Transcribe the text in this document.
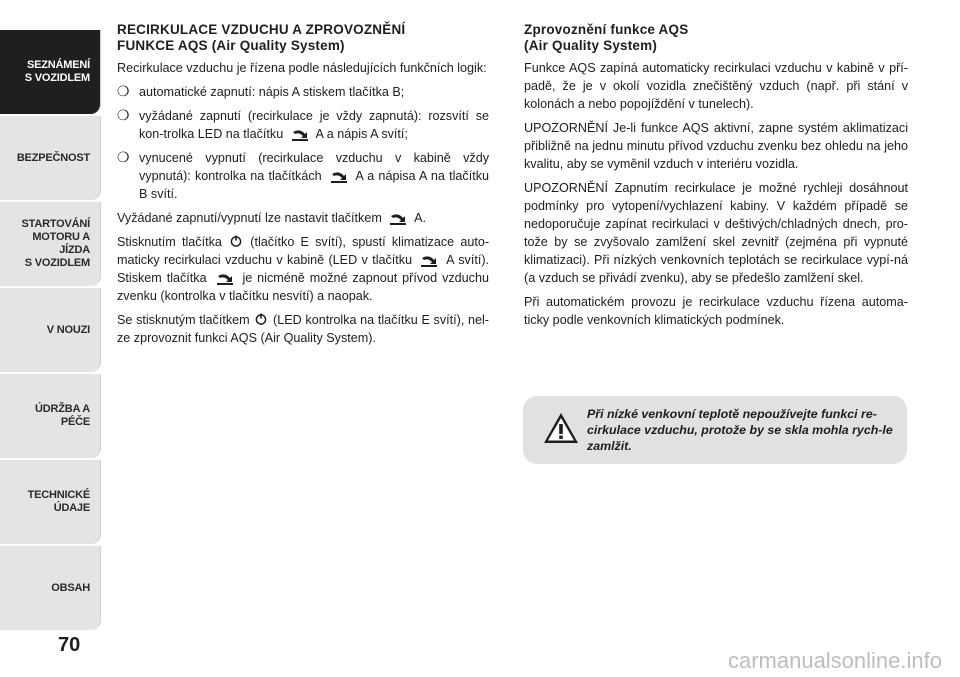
SEZNÁMENÍ
S VOZIDLEM
BEZPEČNOST
STARTOVÁNÍ
MOTORU A JÍZDA
S VOZIDLEM
V NOUZI
ÚDRŽBA A PÉČE
TECHNICKÉ
ÚDAJE
OBSAH
70
RECIRKULACE VZDUCHU A ZPROVOZNĚNÍ
FUNKCE AQS (Air Quality System)

Recirkulace vzduchu je řízena podle následujících funkčních logik:

❍ automatické zapnutí: nápis A stiskem tlačítka B;
❍ vyžádané zapnutí (recirkulace je vždy zapnutá): rozsvítí se kon-trolka LED na tlačítku	A a nápis A svítí;
❍ vynucené vypnutí (recirkulace vzduchu v kabině vždy vypnutá): kontrolka na tlačítkách	A a nápisa A na tlačítku B svítí.

Vyžádané zapnutí/vypnutí lze nastavit tlačítkem	A.

Stisknutím tlačítka (tlačítko E svítí), spustí klimatizace auto-maticky recirkulaci vzduchu v kabině (LED v tlačítku	A svítí). Stiskem tlačítka	je nicméně možné zapnout přívod vzduchu zvenku (kontrolka v tlačítku nesvítí) a naopak.

Se stisknutým tlačítkem (LED kontrolka na tlačítku E svítí), nel-ze zprovoznit funkci AQS (Air Quality System).

Zprovoznění funkce AQS
(Air Quality System)

Funkce AQS zapíná automaticky recirkulaci vzduchu v kabině v pří-padě, že je v okolí vozidla znečištěný vzduch (např. při stání v kolonách a nebo popojíždění v tunelech).

UPOZORNĚNÍ Je-li funkce AQS aktivní, zapne systém aklimatizaci přibližně na jednu minutu přívod vzduchu zvenku bez ohledu na jeho kvalitu, aby se vyměnil vzduch v interiéru vozidla.

UPOZORNĚNÍ Zapnutím recirkulace je možné rychleji dosáhnout podmínky pro vytopení/vychlazení kabiny. V každém případě se nedoporučuje zapínat recirkulaci v deštivých/chladných dnech, pro-tože by se zvyšovalo zamlžení skel zevnitř (zejména při vypnuté klimatizaci). Při nízkých venkovních teplotách se recirkulace vypí-ná (a vzduch se přivádí zvenku), aby se předešlo zamlžení skel.

Při automatickém provozu je recirkulace vzduchu řízena automa-ticky podle venkovních klimatických podmínek.

Při nízké venkovní teplotě nepoužívejte funkci re-cirkulace vzduchu, protože by se skla mohla rych-le zamlžit.
carmanualsonline.info
